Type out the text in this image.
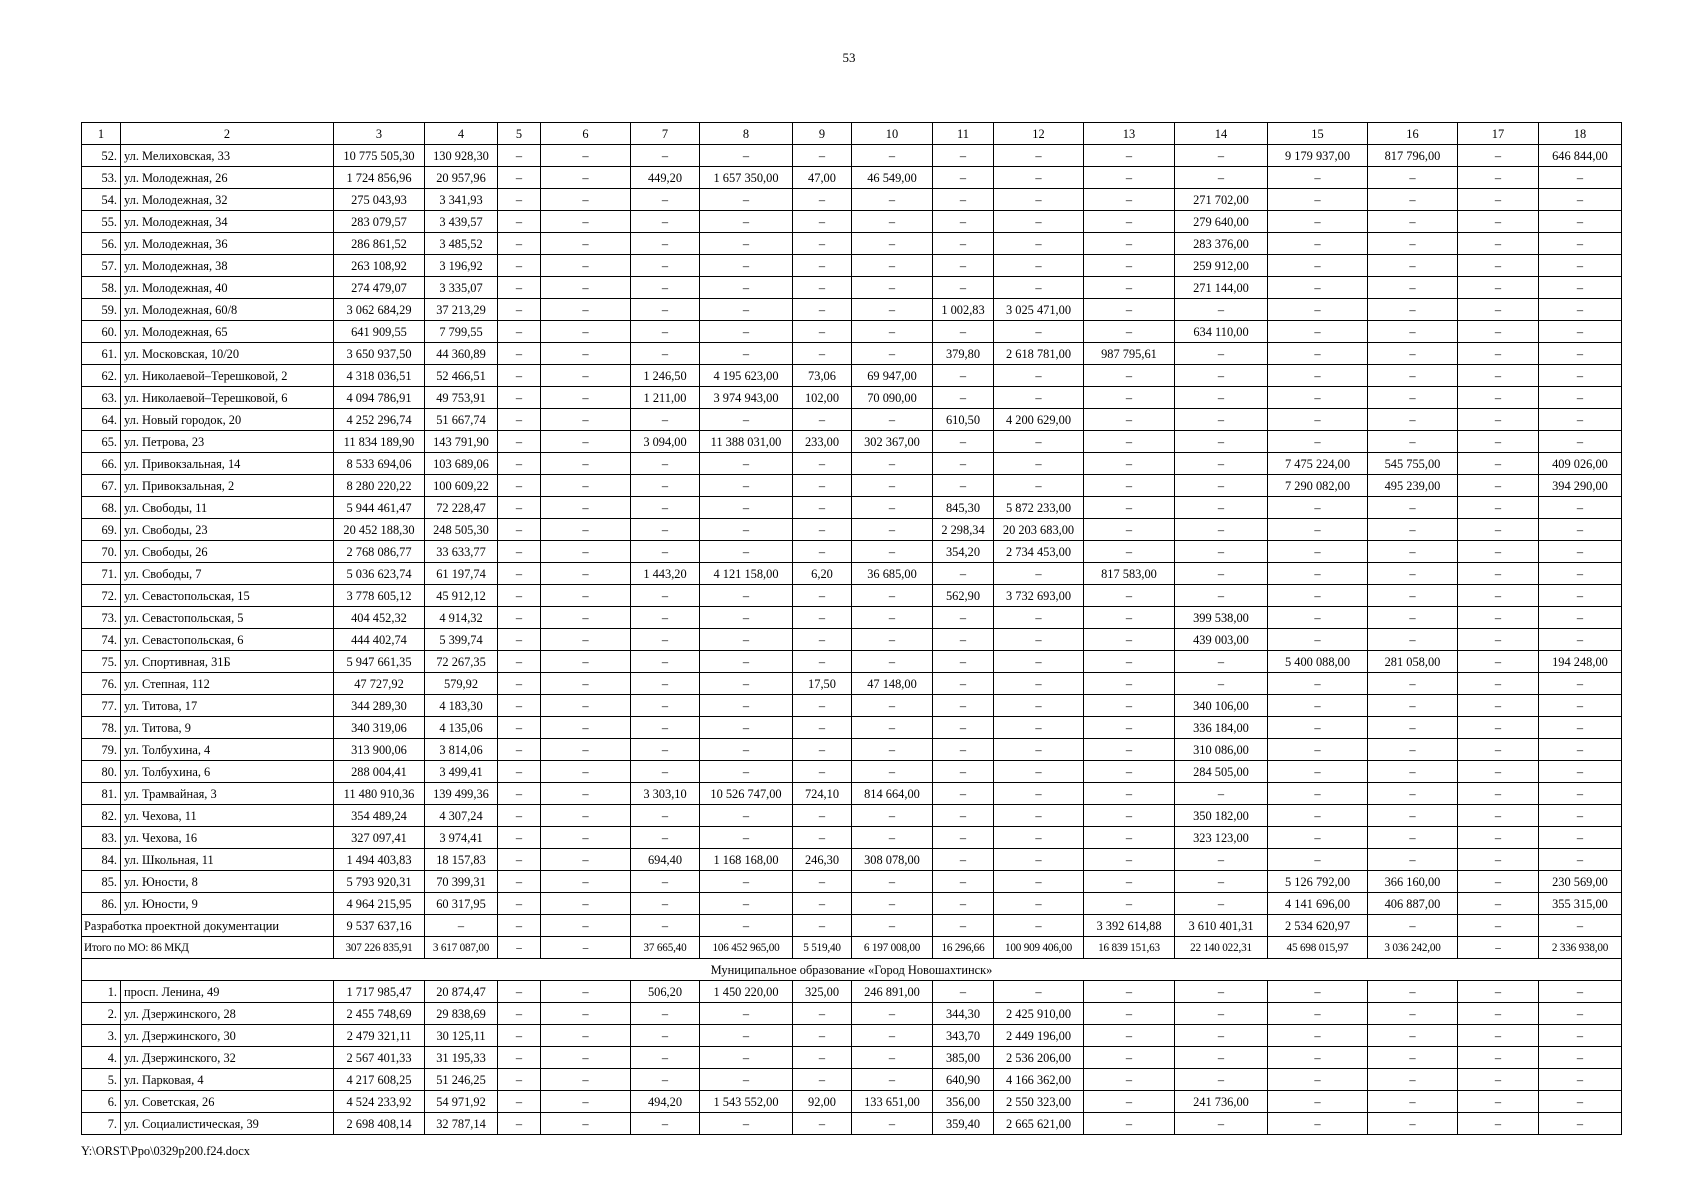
53
1	2	3	4	5	6	7	8	9	10	11	12	13	14	15	16	17	18
52.	ул. Мелиховская, 33	10 775 505,30	130 928,30	–	–	–	–	–	–	–	–	–	–	9 179 937,00	817 796,00	–	646 844,00
53.	ул. Молодежная, 26	1 724 856,96	20 957,96	–	–	449,20	1 657 350,00	47,00	46 549,00	–	–	–	–	–	–	–	–
54.	ул. Молодежная, 32	275 043,93	3 341,93	–	–	–	–	–	–	–	–	–	271 702,00	–	–	–	–
55.	ул. Молодежная, 34	283 079,57	3 439,57	–	–	–	–	–	–	–	–	–	279 640,00	–	–	–	–
56.	ул. Молодежная, 36	286 861,52	3 485,52	–	–	–	–	–	–	–	–	–	283 376,00	–	–	–	–
57.	ул. Молодежная, 38	263 108,92	3 196,92	–	–	–	–	–	–	–	–	–	259 912,00	–	–	–	–
58.	ул. Молодежная, 40	274 479,07	3 335,07	–	–	–	–	–	–	–	–	–	271 144,00	–	–	–	–
59.	ул. Молодежная, 60/8	3 062 684,29	37 213,29	–	–	–	–	–	–	1 002,83	3 025 471,00	–	–	–	–	–	–
60.	ул. Молодежная, 65	641 909,55	7 799,55	–	–	–	–	–	–	–	–	–	634 110,00	–	–	–	–
61.	ул. Московская, 10/20	3 650 937,50	44 360,89	–	–	–	–	–	–	379,80	2 618 781,00	987 795,61	–	–	–	–	–
62.	ул. Николаевой–Терешковой, 2	4 318 036,51	52 466,51	–	–	1 246,50	4 195 623,00	73,06	69 947,00	–	–	–	–	–	–	–	–
63.	ул. Николаевой–Терешковой, 6	4 094 786,91	49 753,91	–	–	1 211,00	3 974 943,00	102,00	70 090,00	–	–	–	–	–	–	–	–
64.	ул. Новый городок, 20	4 252 296,74	51 667,74	–	–	–	–	–	–	610,50	4 200 629,00	–	–	–	–	–	–
65.	ул. Петрова, 23	11 834 189,90	143 791,90	–	–	3 094,00	11 388 031,00	233,00	302 367,00	–	–	–	–	–	–	–	–
66.	ул. Привокзальная, 14	8 533 694,06	103 689,06	–	–	–	–	–	–	–	–	–	–	7 475 224,00	545 755,00	–	409 026,00
67.	ул. Привокзальная, 2	8 280 220,22	100 609,22	–	–	–	–	–	–	–	–	–	–	7 290 082,00	495 239,00	–	394 290,00
68.	ул. Свободы, 11	5 944 461,47	72 228,47	–	–	–	–	–	–	845,30	5 872 233,00	–	–	–	–	–	–
69.	ул. Свободы, 23	20 452 188,30	248 505,30	–	–	–	–	–	–	2 298,34	20 203 683,00	–	–	–	–	–	–
70.	ул. Свободы, 26	2 768 086,77	33 633,77	–	–	–	–	–	–	354,20	2 734 453,00	–	–	–	–	–	–
71.	ул. Свободы, 7	5 036 623,74	61 197,74	–	–	1 443,20	4 121 158,00	6,20	36 685,00	–	–	817 583,00	–	–	–	–	–
72.	ул. Севастопольская, 15	3 778 605,12	45 912,12	–	–	–	–	–	–	562,90	3 732 693,00	–	–	–	–	–	–
73.	ул. Севастопольская, 5	404 452,32	4 914,32	–	–	–	–	–	–	–	–	–	399 538,00	–	–	–	–
74.	ул. Севастопольская, 6	444 402,74	5 399,74	–	–	–	–	–	–	–	–	–	439 003,00	–	–	–	–
75.	ул. Спортивная, 31Б	5 947 661,35	72 267,35	–	–	–	–	–	–	–	–	–	–	5 400 088,00	281 058,00	–	194 248,00
76.	ул. Степная, 112	47 727,92	579,92	–	–	–	–	17,50	47 148,00	–	–	–	–	–	–	–	–
77.	ул. Титова, 17	344 289,30	4 183,30	–	–	–	–	–	–	–	–	–	340 106,00	–	–	–	–
78.	ул. Титова, 9	340 319,06	4 135,06	–	–	–	–	–	–	–	–	–	336 184,00	–	–	–	–
79.	ул. Толбухина, 4	313 900,06	3 814,06	–	–	–	–	–	–	–	–	–	310 086,00	–	–	–	–
80.	ул. Толбухина, 6	288 004,41	3 499,41	–	–	–	–	–	–	–	–	–	284 505,00	–	–	–	–
81.	ул. Трамвайная, 3	11 480 910,36	139 499,36	–	–	3 303,10	10 526 747,00	724,10	814 664,00	–	–	–	–	–	–	–	–
82.	ул. Чехова, 11	354 489,24	4 307,24	–	–	–	–	–	–	–	–	–	350 182,00	–	–	–	–
83.	ул. Чехова, 16	327 097,41	3 974,41	–	–	–	–	–	–	–	–	–	323 123,00	–	–	–	–
84.	ул. Школьная, 11	1 494 403,83	18 157,83	–	–	694,40	1 168 168,00	246,30	308 078,00	–	–	–	–	–	–	–	–
85.	ул. Юности, 8	5 793 920,31	70 399,31	–	–	–	–	–	–	–	–	–	–	5 126 792,00	366 160,00	–	230 569,00
86.	ул. Юности, 9	4 964 215,95	60 317,95	–	–	–	–	–	–	–	–	–	–	4 141 696,00	406 887,00	–	355 315,00
Разработка проектной документации		9 537 637,16	–	–	–	–	–	–	–	–	–	3 392 614,88	3 610 401,31	2 534 620,97	–	–	–
Итого по МО: 86 МКД		307 226 835,91	3 617 087,00	–	–	37 665,40	106 452 965,00	5 519,40	6 197 008,00	16 296,66	100 909 406,00	16 839 151,63	22 140 022,31	45 698 015,97	3 036 242,00	–	2 336 938,00
Муниципальное образование «Город Новошахтинск»																	
1.	просп. Ленина, 49	1 717 985,47	20 874,47	–	–	506,20	1 450 220,00	325,00	246 891,00	–	–	–	–	–	–	–	–
2.	ул. Дзержинского, 28	2 455 748,69	29 838,69	–	–	–	–	–	–	344,30	2 425 910,00	–	–	–	–	–	–
3.	ул. Дзержинского, 30	2 479 321,11	30 125,11	–	–	–	–	–	–	343,70	2 449 196,00	–	–	–	–	–	–
4.	ул. Дзержинского, 32	2 567 401,33	31 195,33	–	–	–	–	–	–	385,00	2 536 206,00	–	–	–	–	–	–
5.	ул. Парковая, 4	4 217 608,25	51 246,25	–	–	–	–	–	–	640,90	4 166 362,00	–	–	–	–	–	–
6.	ул. Советская, 26	4 524 233,92	54 971,92	–	–	494,20	1 543 552,00	92,00	133 651,00	356,00	2 550 323,00	–	241 736,00	–	–	–	–
7.	ул. Социалистическая, 39	2 698 408,14	32 787,14	–	–	–	–	–	–	359,40	2 665 621,00	–	–	–	–	–	–
Y:\ORST\Ppo\0329p200.f24.docx
